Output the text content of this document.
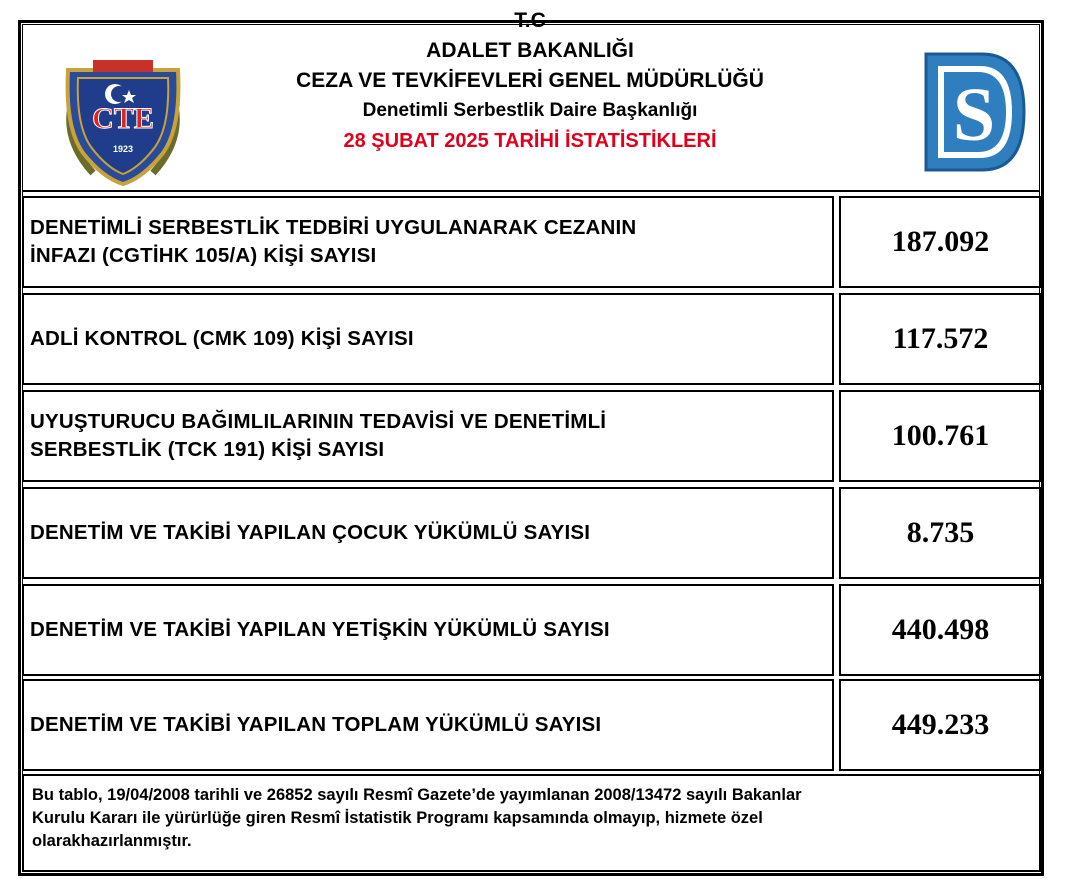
CTE
1923
T.C
ADALET BAKANLIĞI
CEZA VE TEVKİFEVLERİ GENEL MÜDÜRLÜĞÜ
Denetimli Serbestlik Daire Başkanlığı
28 ŞUBAT 2025 TARİHİ İSTATİSTİKLERİ	S
DENETİMLİ SERBESTLİK TEDBİRİ UYGULANARAK CEZANIN
İNFAZI (CGTİHK 105/A) KİŞİ SAYISI	187.092
ADLİ KONTROL (CMK 109) KİŞİ SAYISI	117.572
UYUŞTURUCU BAĞIMLILARININ TEDAVİSİ VE DENETİMLİ
SERBESTLİK (TCK 191) KİŞİ SAYISI	100.761
DENETİM VE TAKİBİ YAPILAN ÇOCUK YÜKÜMLÜ SAYISI	8.735
DENETİM VE TAKİBİ YAPILAN YETİŞKİN YÜKÜMLÜ SAYISI	440.498
DENETİM VE TAKİBİ YAPILAN TOPLAM YÜKÜMLÜ SAYISI	449.233
Bu tablo, 19/04/2008 tarihli ve 26852 sayılı Resmî Gazete’de yayımlanan 2008/13472 sayılı Bakanlar
Kurulu Kararı ile yürürlüğe giren Resmî İstatistik Programı kapsamında olmayıp, hizmete özel
olarakhazırlanmıştır.
